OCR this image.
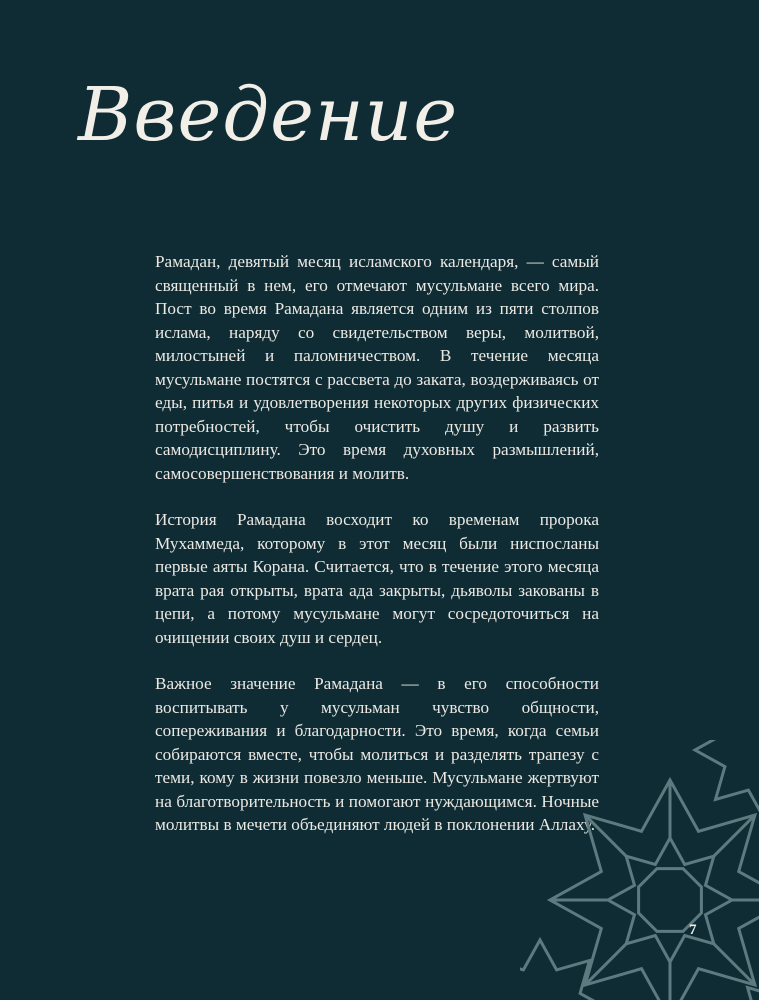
Введение

Рамадан, девятый месяц исламского календаря, — самый священный в нем, его отмечают мусульмане всего мира. Пост во время Рамадана является одним из пяти столпов ислама, наряду со свидетельством веры, молитвой, милостыней и паломничеством. В течение месяца мусульмане постятся с рассвета до заката, воздерживаясь от еды, питья и удовлетворения некоторых других физических потребностей, чтобы очистить душу и развить самодисциплину. Это время духовных размышлений, самосовершенствования и молитв.

История Рамадана восходит ко временам пророка Мухаммеда, которому в этот месяц были ниспосланы первые аяты Корана. Считается, что в течение этого месяца врата рая открыты, врата ада закрыты, дьяволы закованы в цепи, а потому мусульмане могут сосредоточиться на очищении своих душ и сердец.

Важное значение Рамадана — в его способности воспитывать у мусульман чувство общности, сопереживания и благодарности. Это время, когда семьи собираются вместе, чтобы молиться и разделять трапезу с теми, кому в жизни повезло меньше. Мусульмане жертвуют на благотворительность и помогают нуждающимся. Ночные молитвы в мечети объединяют людей в поклонении Аллаху.

7
